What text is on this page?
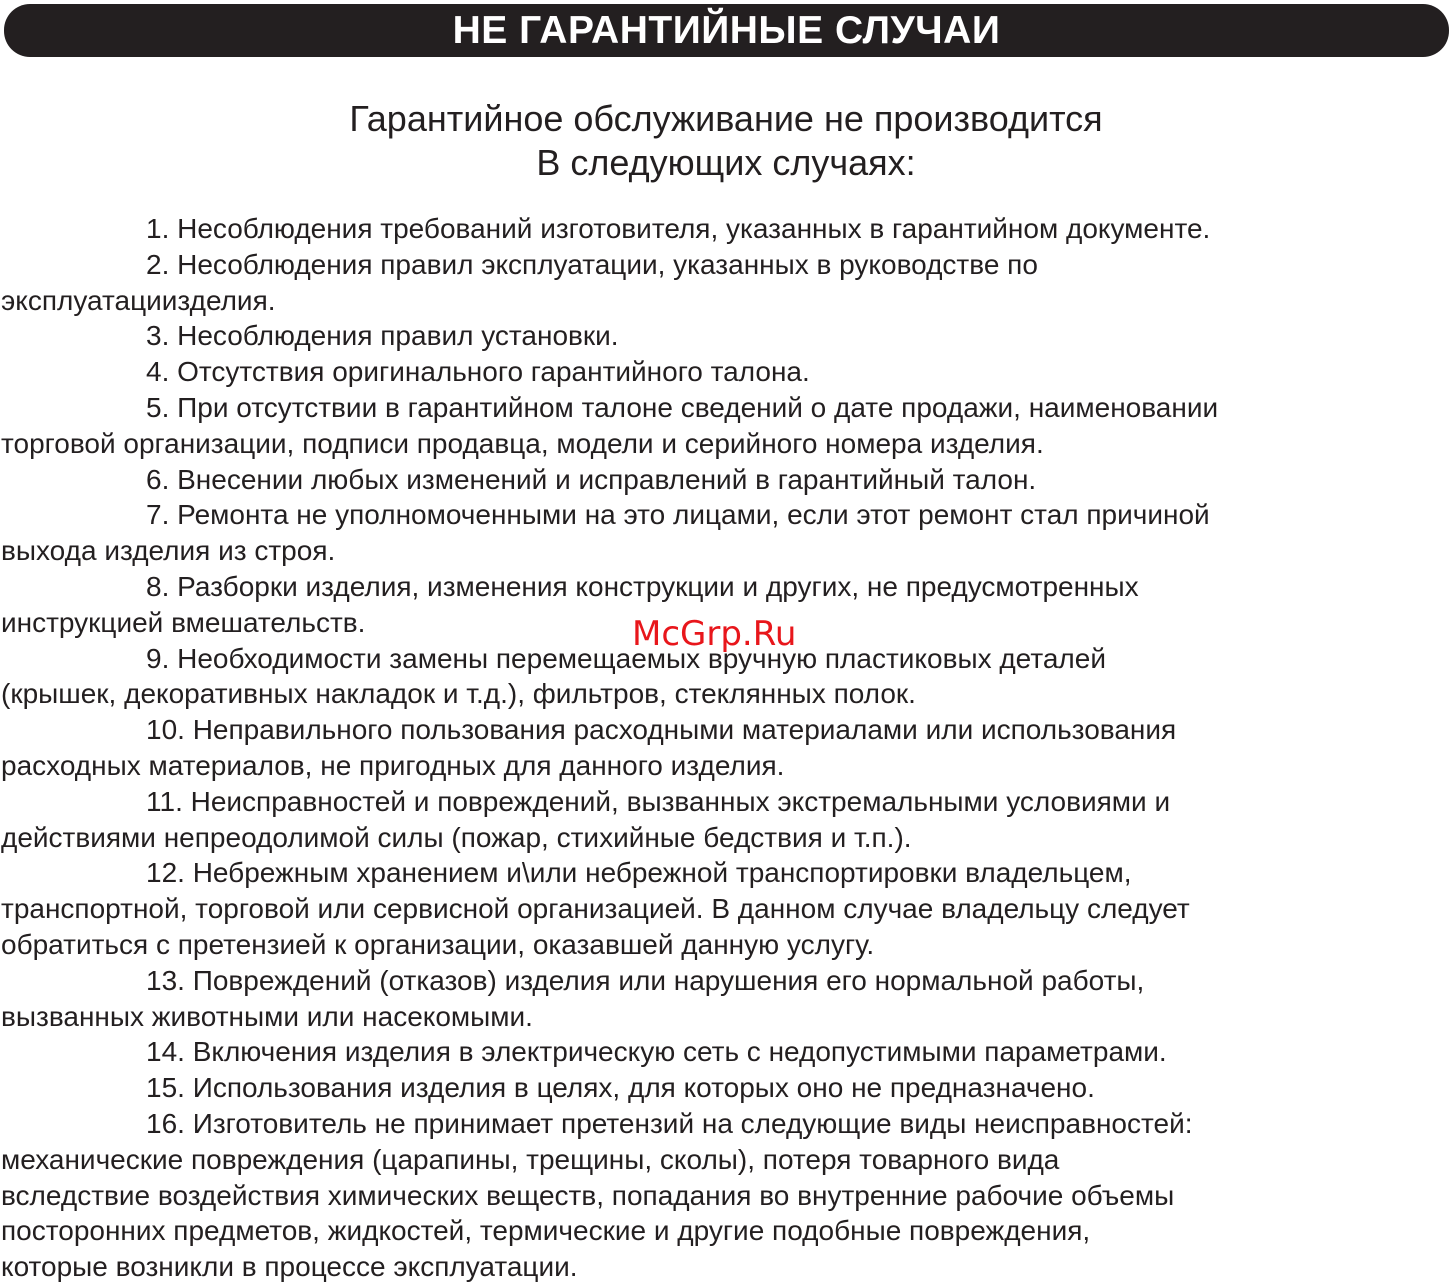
НЕ ГАРАНТИЙНЫЕ СЛУЧАИ
Гарантийное обслуживание не производится
В следующих случаях:
1. Несоблюдения требований изготовителя, указанных в гарантийном документе.
2. Несоблюдения правил эксплуатации, указанных в руководстве по
эксплуатациизделия.
3. Несоблюдения правил установки.
4. Отсутствия оригинального гарантийного талона.
5. При отсутствии в гарантийном талоне сведений о дате продажи, наименовании
торговой организации, подписи продавца, модели и серийного номера изделия.
6. Внесении любых изменений и исправлений в гарантийный талон.
7. Ремонта не уполномоченными на это лицами, если этот ремонт стал причиной
выхода изделия из строя.
8. Разборки изделия, изменения конструкции и других, не предусмотренных
инструкцией вмешательств.
9. Необходимости замены перемещаемых вручную пластиковых деталей
(крышек, декоративных накладок и т.д.), фильтров, стеклянных полок.
10. Неправильного пользования расходными материалами или использования
расходных материалов, не пригодных для данного изделия.
11. Неисправностей и повреждений, вызванных экстремальными условиями и
действиями непреодолимой силы (пожар, стихийные бедствия и т.п.).
12. Небрежным хранением и\или небрежной транспортировки владельцем,
транспортной, торговой или сервисной организацией. В данном случае владельцу следует
обратиться с претензией к организации, оказавшей данную услугу.
13. Повреждений (отказов) изделия или нарушения его нормальной работы,
вызванных животными или насекомыми.
14. Включения изделия в электрическую сеть с недопустимыми параметрами.
15. Использования изделия в целях, для которых оно не предназначено.
16. Изготовитель не принимает претензий на следующие виды неисправностей:
механические повреждения (царапины, трещины, сколы), потеря товарного вида
вследствие воздействия химических веществ, попадания во внутренние рабочие объемы
посторонних предметов, жидкостей, термические и другие подобные повреждения,
которые возникли в процессе эксплуатации.
McGrp.Ru
